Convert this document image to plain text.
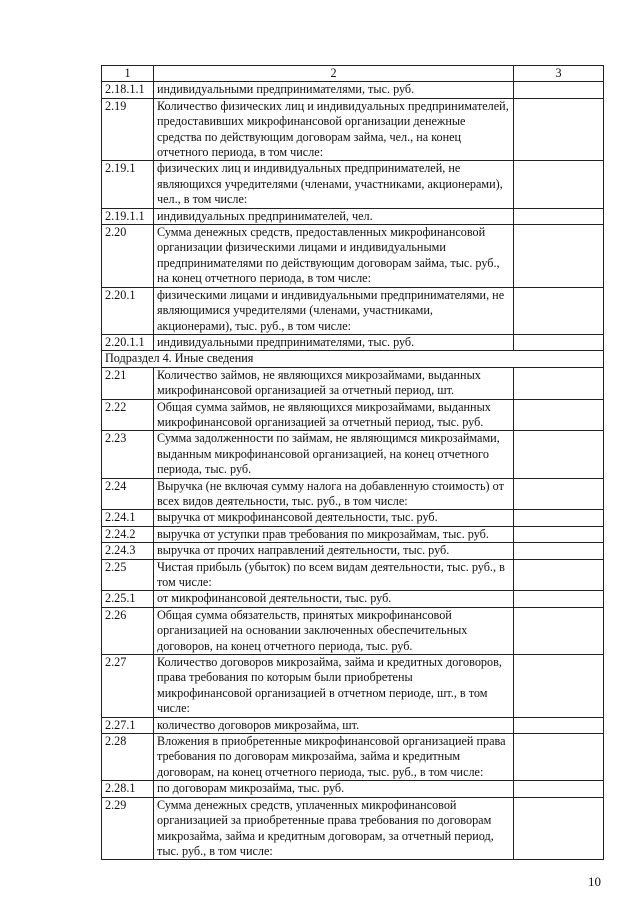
1	2	3
2.18.1.1	индивидуальными предпринимателями, тыс. руб.	
2.19	Количество физических лиц и индивидуальных предпринимателей, предоставивших микрофинансовой организации денежные средства по действующим договорам займа, чел., на конец отчетного периода, в том числе:	
2.19.1	физических лиц и индивидуальных предпринимателей, не являющихся учредителями (членами, участниками, акционерами), чел., в том числе:	
2.19.1.1	индивидуальных предпринимателей, чел.	
2.20	Сумма денежных средств, предоставленных микрофинансовой организации физическими лицами и индивидуальными предпринимателями по действующим договорам займа, тыс. руб., на конец отчетного периода, в том числе:	
2.20.1	физическими лицами и индивидуальными предпринимателями, не являющимися учредителями (членами, участниками, акционерами), тыс. руб., в том числе:	
2.20.1.1	индивидуальными предпринимателями, тыс. руб.	
Подраздел 4. Иные сведения		
2.21	Количество займов, не являющихся микрозаймами, выданных микрофинансовой организацией за отчетный период, шт.	
2.22	Общая сумма займов, не являющихся микрозаймами, выданных микрофинансовой организацией за отчетный период, тыс. руб.	
2.23	Сумма задолженности по займам, не являющимся микрозаймами, выданным микрофинансовой организацией, на конец отчетного периода, тыс. руб.	
2.24	Выручка (не включая сумму налога на добавленную стоимость) от всех видов деятельности, тыс. руб., в том числе:	
2.24.1	выручка от микрофинансовой деятельности, тыс. руб.	
2.24.2	выручка от уступки прав требования по микрозаймам, тыс. руб.	
2.24.3	выручка от прочих направлений деятельности, тыс. руб.	
2.25	Чистая прибыль (убыток) по всем видам деятельности, тыс. руб., в том числе:	
2.25.1	от микрофинансовой деятельности, тыс. руб.	
2.26	Общая сумма обязательств, принятых микрофинансовой организацией на основании заключенных обеспечительных договоров, на конец отчетного периода, тыс. руб.	
2.27	Количество договоров микрозайма, займа и кредитных договоров, права требования по которым были приобретены микрофинансовой организацией в отчетном периоде, шт., в том числе:	
2.27.1	количество договоров микрозайма, шт.	
2.28	Вложения в приобретенные микрофинансовой организацией права требования по договорам микрозайма, займа и кредитным договорам, на конец отчетного периода, тыс. руб., в том числе:	
2.28.1	по договорам микрозайма, тыс. руб.	
2.29	Сумма денежных средств, уплаченных микрофинансовой организацией за приобретенные права требования по договорам микрозайма, займа и кредитным договорам, за отчетный период, тыс. руб., в том числе:	
10
